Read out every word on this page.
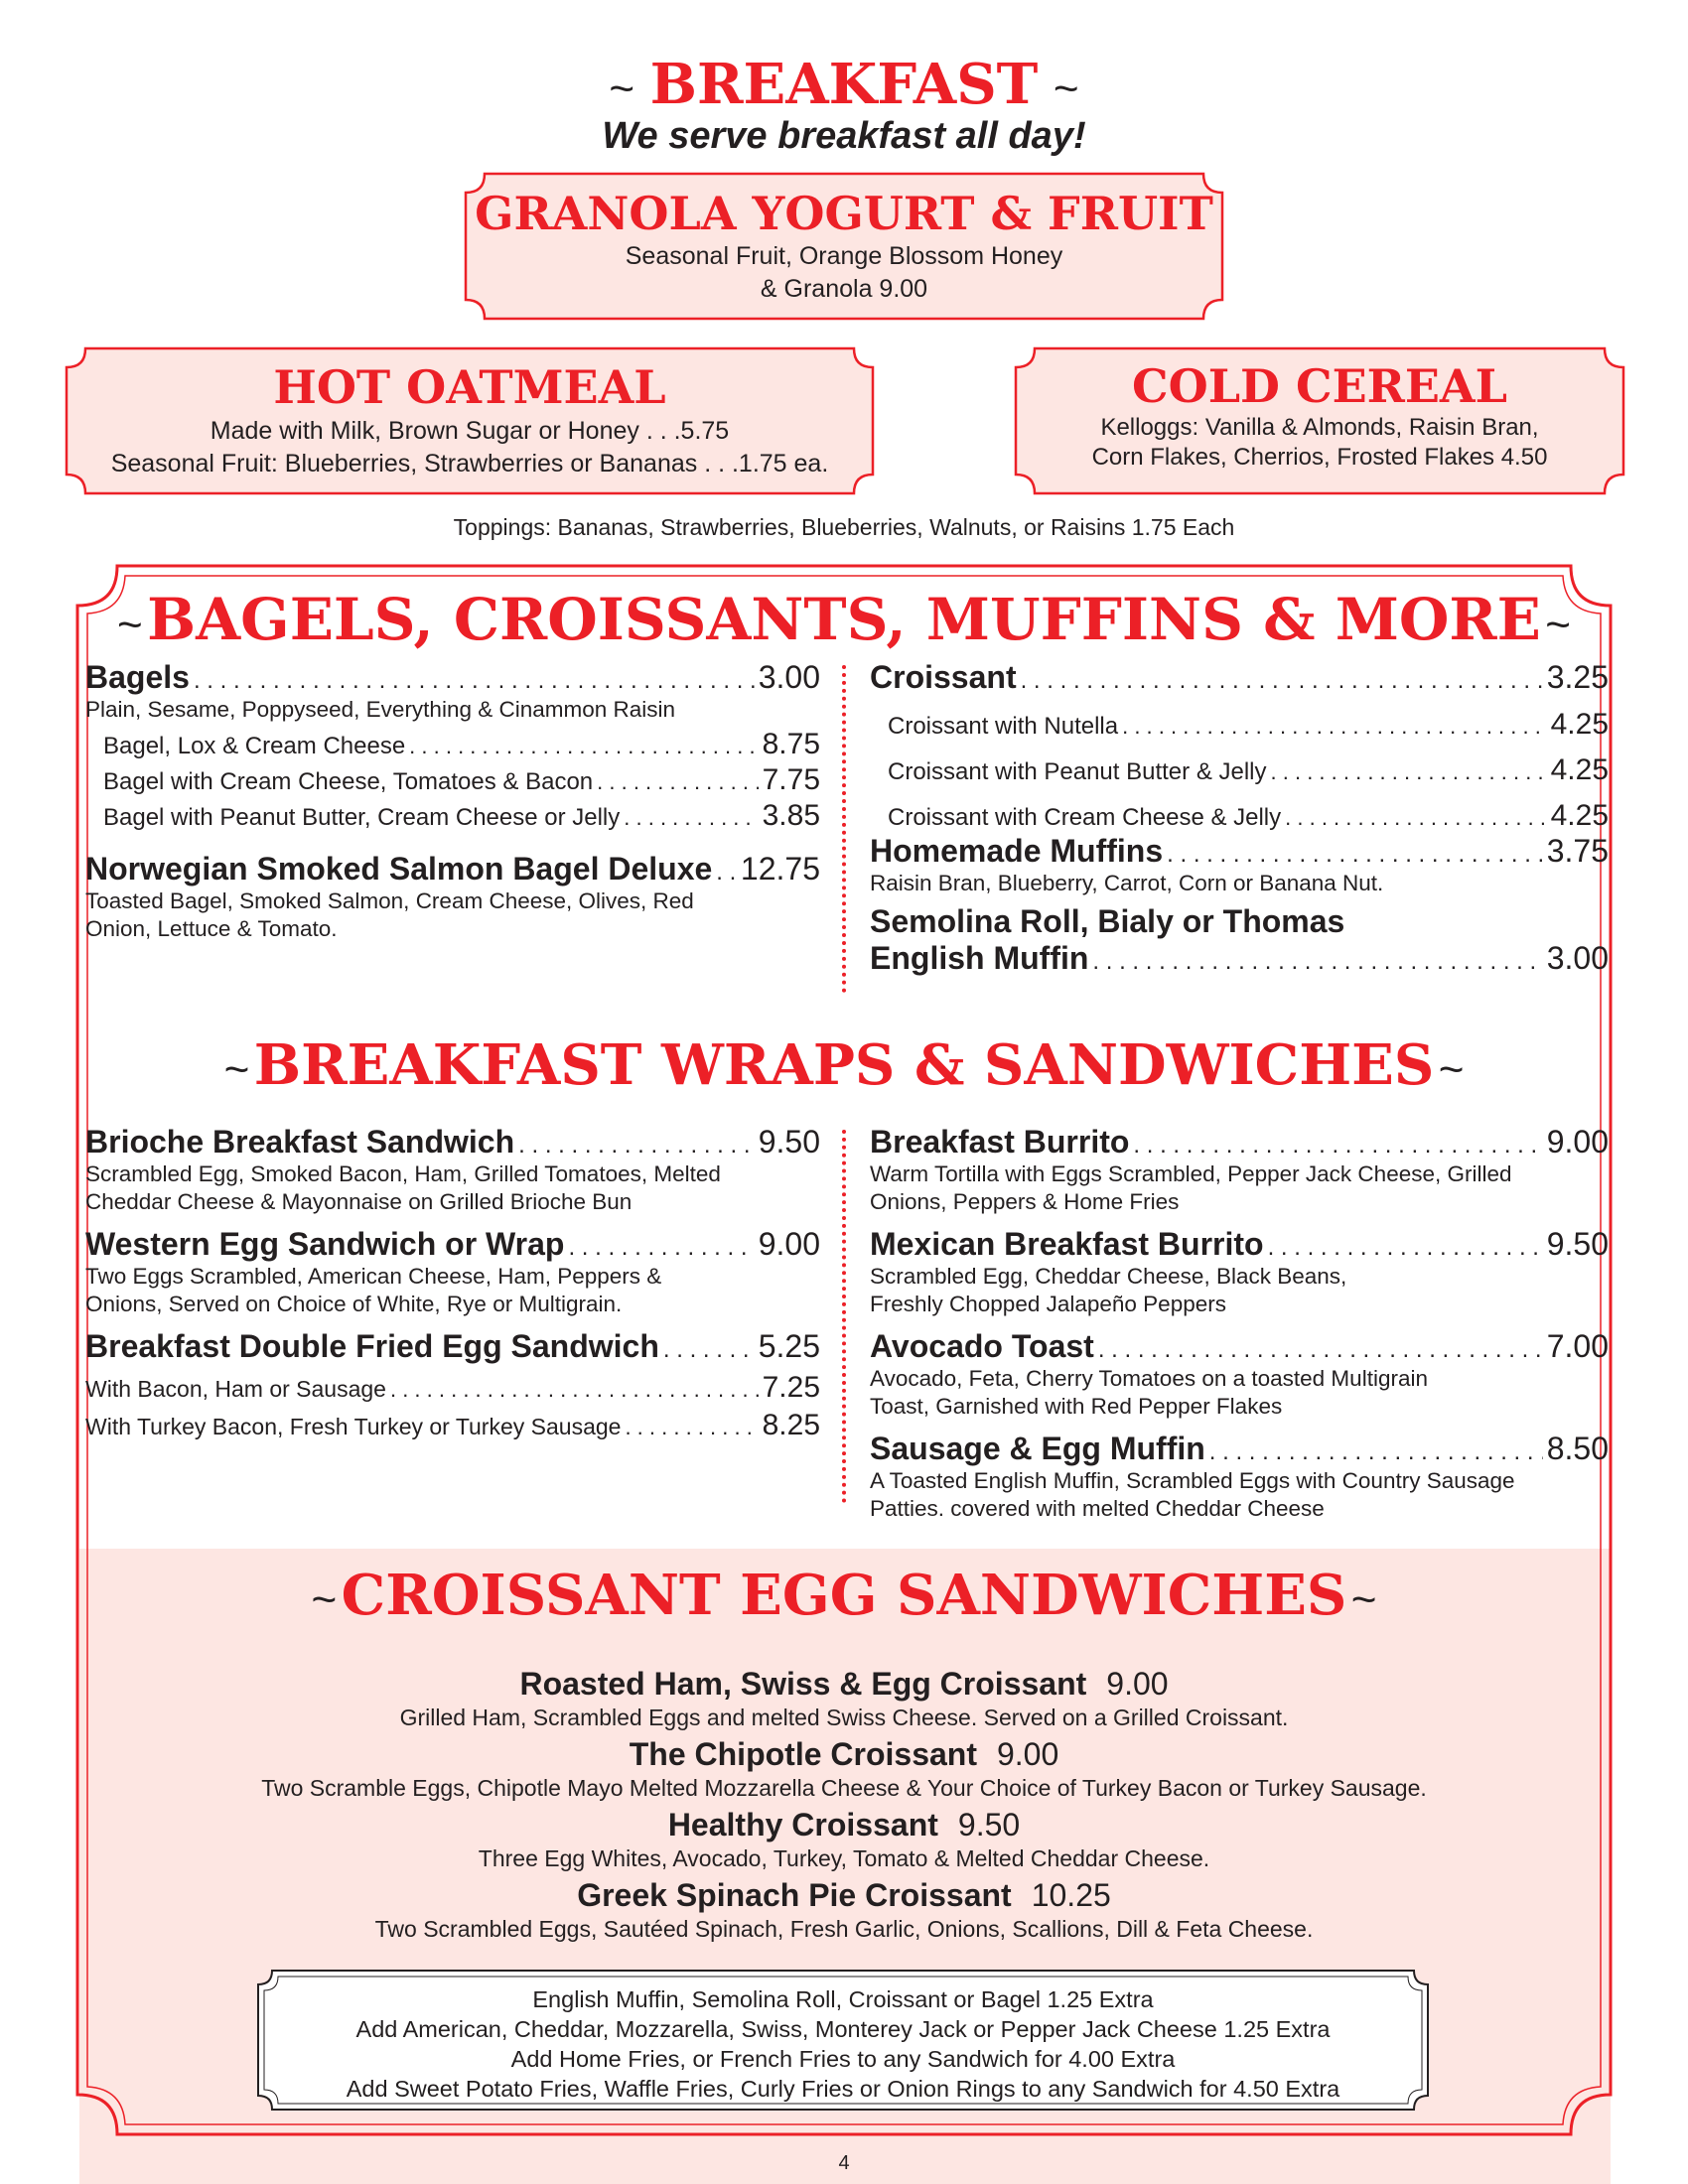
~ BREAKFAST ~
We serve breakfast all day!
GRANOLA YOGURT & FRUIT

Seasonal Fruit, Orange Blossom Honey

& Granola 9.00

HOT OATMEAL

Made with Milk, Brown Sugar or Honey . . .5.75

Seasonal Fruit: Blueberries, Strawberries or Bananas . . .1.75 ea.

COLD CEREAL

Kelloggs: Vanilla & Almonds, Raisin Bran,

Corn Flakes, Cherrios, Frosted Flakes 4.50

Toppings: Bananas, Strawberries, Blueberries, Walnuts, or Raisins 1.75 Each
~ BAGELS, CROISSANTS, MUFFINS & MORE ~
Bagels . . .	3.00
Plain, Sesame, Poppyseed, Everything & Cinammon Raisin
Bagel, Lox & Cream Cheese . . .	8.75
Bagel with Cream Cheese, Tomatoes & Bacon . . .	7.75
Bagel with Peanut Butter, Cream Cheese or Jelly . . .	3.85
Norwegian Smoked Salmon Bagel Deluxe . . . 12.75
Toasted Bagel, Smoked Salmon, Cream Cheese, Olives, Red
Onion, Lettuce & Tomato.
Croissant . . .	3.25
Croissant with Nutella . . .	4.25
Croissant with Peanut Butter & Jelly . . .	4.25
Croissant with Cream Cheese & Jelly . . .	4.25
Homemade Muffins . . .	3.75
Raisin Bran, Blueberry, Carrot, Corn or Banana Nut.
Semolina Roll, Bialy or Thomas
English Muffin . . .	3.00
~ BREAKFAST WRAPS & SANDWICHES ~
Brioche Breakfast Sandwich . . .	9.50
Scrambled Egg, Smoked Bacon, Ham, Grilled Tomatoes, Melted
Cheddar Cheese & Mayonnaise on Grilled Brioche Bun
Western Egg Sandwich or Wrap . . .	9.00
Two Eggs Scrambled, American Cheese, Ham, Peppers &
Onions, Served on Choice of White, Rye or Multigrain.
Breakfast Double Fried Egg Sandwich . . .	5.25
With Bacon, Ham or Sausage . . .	7.25
With Turkey Bacon, Fresh Turkey or Turkey Sausage . . .	8.25
Breakfast Burrito . . .	9.00
Warm Tortilla with Eggs Scrambled, Pepper Jack Cheese, Grilled
Onions, Peppers & Home Fries
Mexican Breakfast Burrito . . .	9.50
Scrambled Egg, Cheddar Cheese, Black Beans,
Freshly Chopped Jalapeño Peppers
Avocado Toast . . .	7.00
Avocado, Feta, Cherry Tomatoes on a toasted Multigrain
Toast, Garnished with Red Pepper Flakes
Sausage & Egg Muffin . . .	8.50
A Toasted English Muffin, Scrambled Eggs with Country Sausage
Patties. covered with melted Cheddar Cheese
~ CROISSANT EGG SANDWICHES ~
Roasted Ham, Swiss & Egg Croissant 9.00
Grilled Ham, Scrambled Eggs and melted Swiss Cheese. Served on a Grilled Croissant.
The Chipotle Croissant 9.00
Two Scramble Eggs, Chipotle Mayo Melted Mozzarella Cheese & Your Choice of Turkey Bacon or Turkey Sausage.
Healthy Croissant 9.50
Three Egg Whites, Avocado, Turkey, Tomato & Melted Cheddar Cheese.
Greek Spinach Pie Croissant 10.25
Two Scrambled Eggs, Sautéed Spinach, Fresh Garlic, Onions, Scallions, Dill & Feta Cheese.
English Muffin, Semolina Roll, Croissant or Bagel 1.25 Extra
Add American, Cheddar, Mozzarella, Swiss, Monterey Jack or Pepper Jack Cheese 1.25 Extra
Add Home Fries, or French Fries to any Sandwich for 4.00 Extra
Add Sweet Potato Fries, Waffle Fries, Curly Fries or Onion Rings to any Sandwich for 4.50 Extra
4
